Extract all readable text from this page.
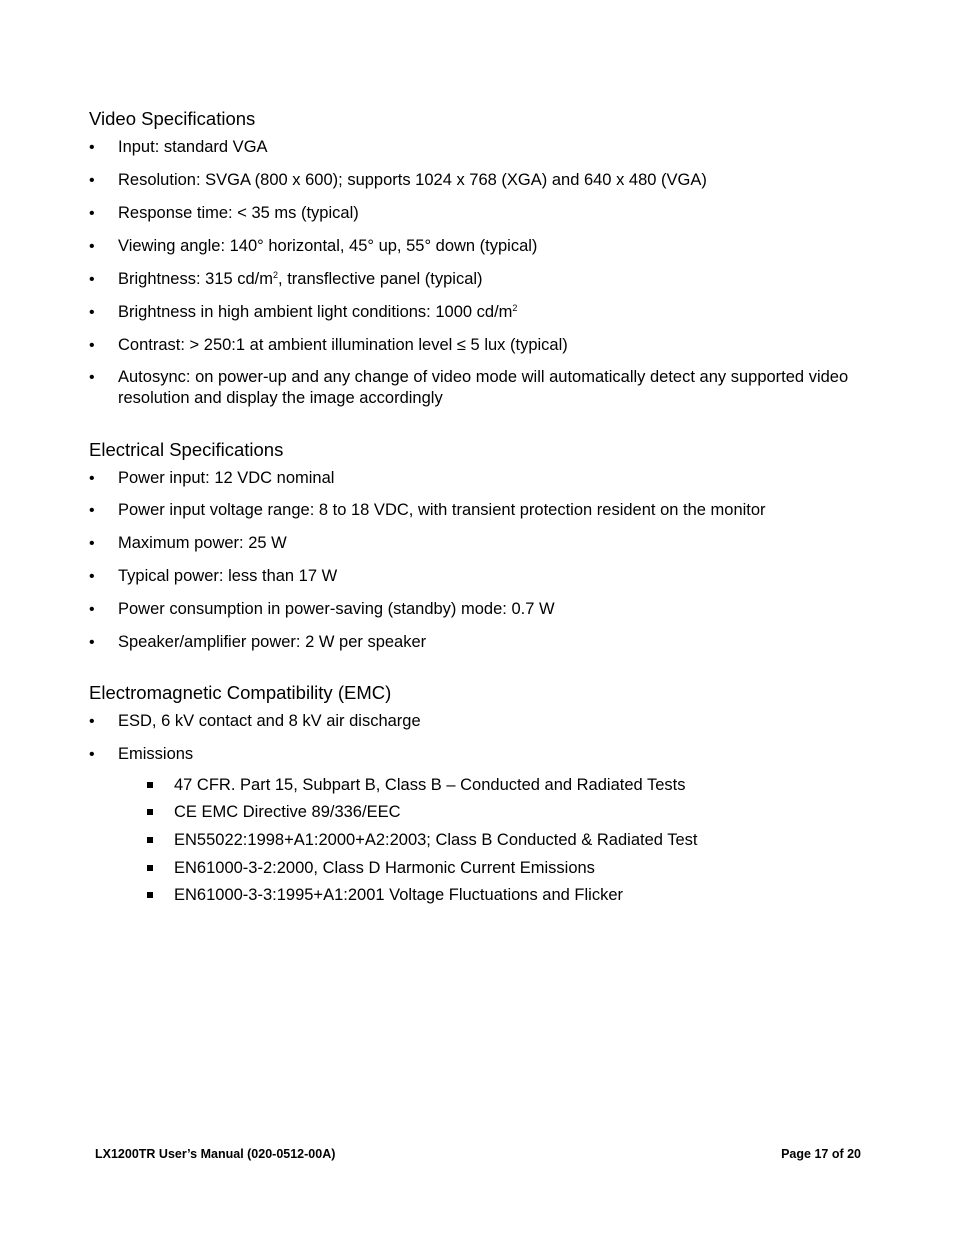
Video Specifications
•	Input: standard VGA
•	Resolution: SVGA (800 x 600); supports 1024 x 768 (XGA) and 640 x 480 (VGA)
•	Response time: < 35 ms (typical)
•	Viewing angle: 140° horizontal, 45° up, 55° down (typical)
•	Brightness: 315 $cd/m^2$, transflective panel (typical)
•	Brightness in high ambient light conditions: 1000 $cd/m^2$
•	Contrast: > 250:1 at ambient illumination level ≤ 5 lux (typical)
•	Autosync: on power-up and any change of video mode will automatically detect any supported video resolution and display the image accordingly
Electrical Specifications
•	Power input: 12 VDC nominal
•	Power input voltage range: 8 to 18 VDC, with transient protection resident on the monitor
•	Maximum power: 25 W
•	Typical power: less than 17 W
•	Power consumption in power-saving (standby) mode: 0.7 W
•	Speaker/amplifier power: 2 W per speaker
Electromagnetic Compatibility (EMC)
•	ESD, 6 kV contact and 8 kV air discharge
•	Emissions
47 CFR. Part 15, Subpart B, Class B – Conducted and Radiated Tests
CE EMC Directive 89/336/EEC
EN55022:1998+A1:2000+A2:2003; Class B Conducted & Radiated Test
EN61000-3-2:2000, Class D Harmonic Current Emissions
EN61000-3-3:1995+A1:2001 Voltage Fluctuations and Flicker
LX1200TR User’s Manual (020-0512-00A)	Page 17 of 20
